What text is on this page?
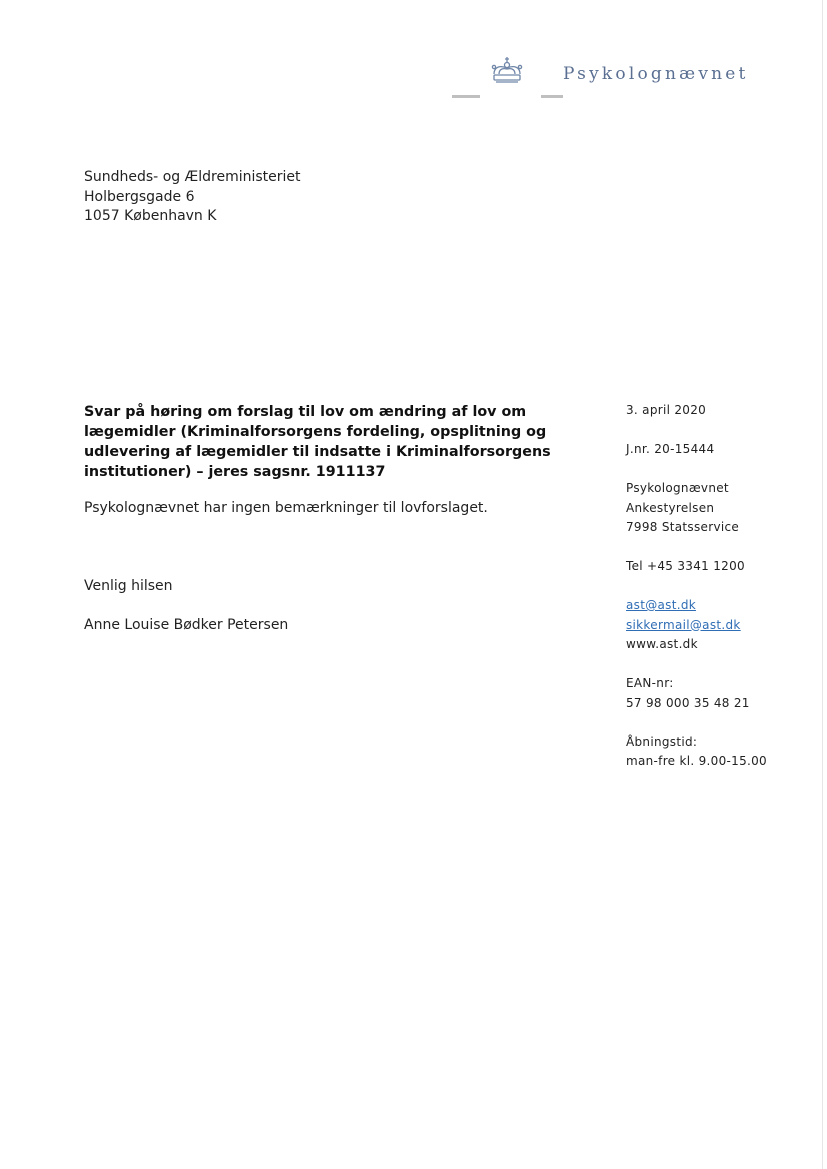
Psykolognævnet
Sundheds- og Ældreministeriet
Holbergsgade 6
1057 København K
Svar på høring om forslag til lov om ændring af lov om lægemidler (Kriminalforsorgens fordeling, opsplitning og udlevering af lægemidler til indsatte i Kriminalforsorgens institutioner) – jeres sagsnr. 1911137
Psykolognævnet har ingen bemærkninger til lovforslaget.
Venlig hilsen
Anne Louise Bødker Petersen
3. april 2020
J.nr. 20-15444
Psykolognævnet
Ankestyrelsen
7998 Statsservice
Tel +45 3341 1200
ast@ast.dk
sikkermail@ast.dk
www.ast.dk
EAN-nr:
57 98 000 35 48 21
Åbningstid:
man-fre kl. 9.00-15.00
